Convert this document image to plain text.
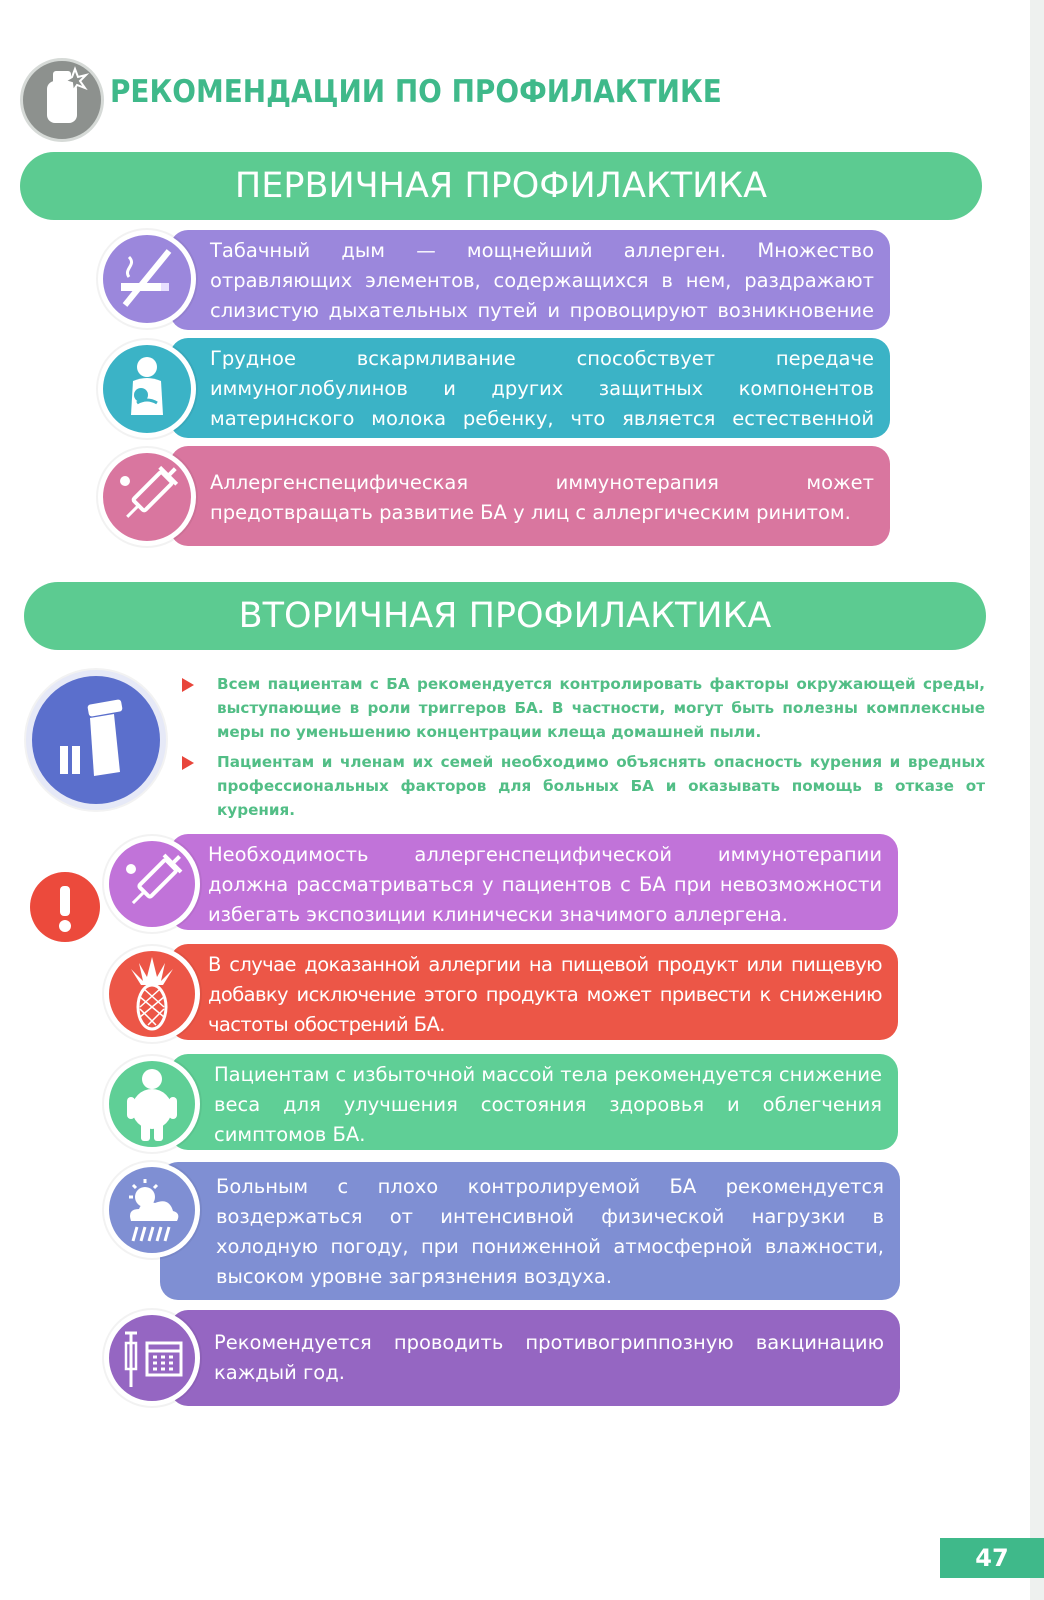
РЕКОМЕНДАЦИИ ПО ПРОФИЛАКТИКЕ
ПЕРВИЧНАЯ ПРОФИЛАКТИКА
Табачный дым — мощнейший аллерген. Множество отравляющих элементов, содержащихся в нем, раздражают слизистую дыхательных путей и провоцируют возникновение
Грудное вскармливание способствует передаче иммуноглобулинов и других защитных компонентов материнского молока ребенку, что является естественной
Аллергенспецифическая иммунотерапия может предотвращать развитие БА у лиц с аллергическим ринитом.
ВТОРИЧНАЯ ПРОФИЛАКТИКА
Всем пациентам с БА рекомендуется контролировать факторы окружающей среды, выступающие в роли триггеров БА. В частности, могут быть полезны комплексные меры по уменьшению концентрации клеща домашней пыли.
Пациентам и членам их семей необходимо объяснять опасность курения и вредных профессиональных факторов для больных БА и оказывать помощь в отказе от курения.
Необходимость аллергенспецифической иммунотерапии должна рассматриваться у пациентов с БА при невозможности избегать экспозиции клинически значимого аллергена.
В случае доказанной аллергии на пищевой продукт или пищевую добавку исключение этого продукта может привести к снижению частоты обострений БА.
Пациентам с избыточной массой тела рекомендуется снижение веса для улучшения состояния здоровья и облегчения симптомов БА.
Больным с плохо контролируемой БА рекомендуется воздержаться от интенсивной физической нагрузки в холодную погоду, при пониженной атмосферной влажности, высоком уровне загрязнения воздуха.
Рекомендуется проводить противогриппозную вакцинацию каждый год.
47
